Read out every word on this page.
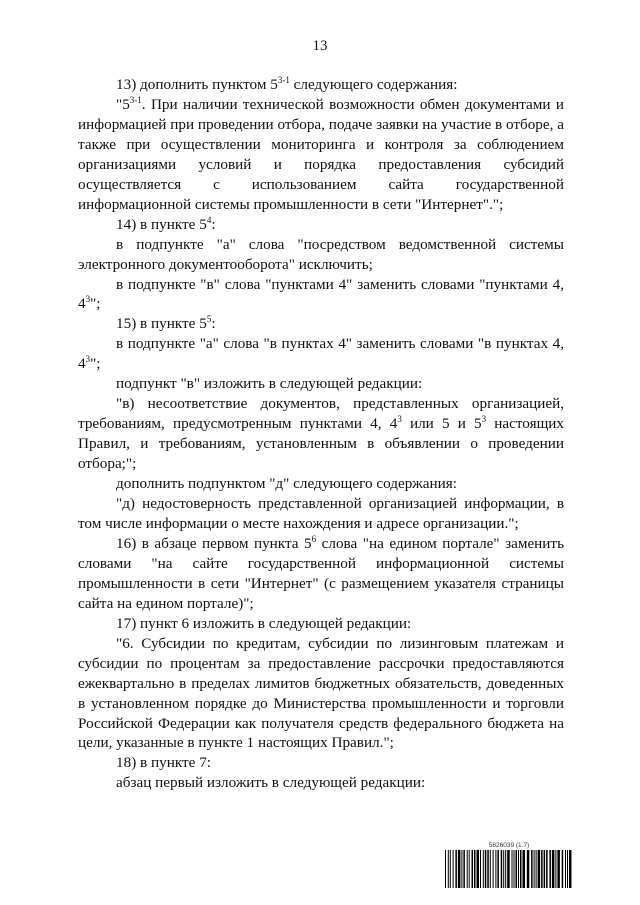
13

13) дополнить пунктом 5$^{3-1}$ следующего содержания:

"5$^{3-1}$. При наличии технической возможности обмен документами и информацией при проведении отбора, подаче заявки на участие в отборе, а также при осуществлении мониторинга и контроля за соблюдением организациями условий и порядка предоставления субсидий осуществляется с использованием сайта государственной информационной системы промышленности в сети "Интернет".";

14) в пункте $5^4$:

в подпункте "а" слова "посредством ведомственной системы электронного документооборота" исключить;

в подпункте "в" слова "пунктами 4" заменить словами "пунктами 4, $4^3$";

15) в пункте $5^5$:

в подпункте "а" слова "в пунктах 4" заменить словами "в пунктах 4, $4^3$";

подпункт "в" изложить в следующей редакции:

"в) несоответствие документов, представленных организацией, требованиям, предусмотренным пунктами 4, $4^3$ или 5 и $5^3$ настоящих Правил, и требованиям, установленным в объявлении о проведении отбора;";

дополнить подпунктом "д" следующего содержания:

"д) недостоверность представленной организацией информации, в том числе информации о месте нахождения и адресе организации.";

16) в абзаце первом пункта $5^6$ слова "на едином портале" заменить словами "на сайте государственной информационной системы промышленности в сети "Интернет" (с размещением указателя страницы сайта на едином портале)";

17) пункт 6 изложить в следующей редакции:

"6. Субсидии по кредитам, субсидии по лизинговым платежам и субсидии по процентам за предоставление рассрочки предоставляются ежеквартально в пределах лимитов бюджетных обязательств, доведенных в установленном порядке до Министерства промышленности и торговли Российской Федерации как получателя средств федерального бюджета на цели, указанные в пункте 1 настоящих Правил.";

18) в пункте 7:

абзац первый изложить в следующей редакции:

5826039 (1.7)
